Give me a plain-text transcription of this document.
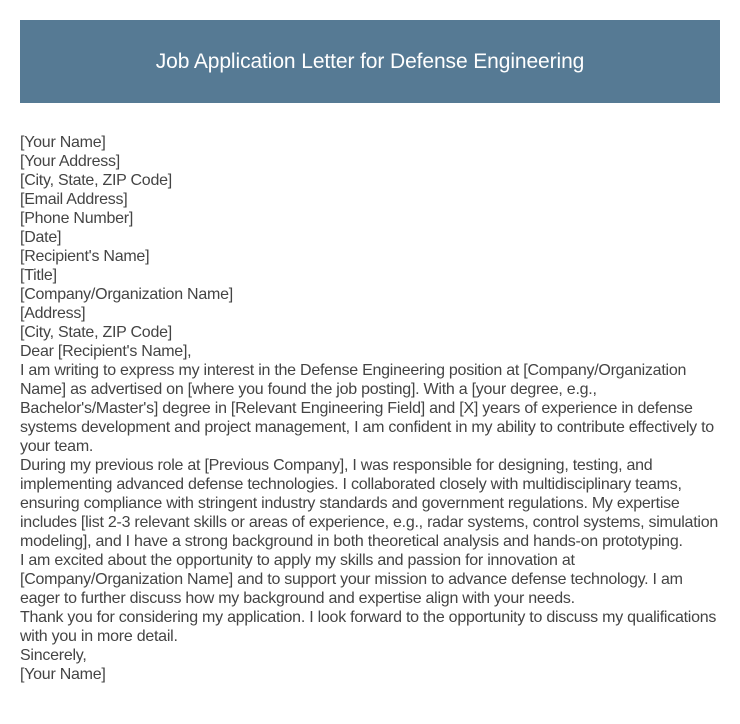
Job Application Letter for Defense Engineering
[Your Name]
[Your Address]
[City, State, ZIP Code]
[Email Address]
[Phone Number]
[Date]
[Recipient's Name]
[Title]
[Company/Organization Name]
[Address]
[City, State, ZIP Code]
Dear [Recipient's Name],

I am writing to express my interest in the Defense Engineering position at [Company/Organization Name] as advertised on [where you found the job posting]. With a [your degree, e.g., Bachelor's/Master's] degree in [Relevant Engineering Field] and [X] years of experience in defense systems development and project management, I am confident in my ability to contribute effectively to your team.

During my previous role at [Previous Company], I was responsible for designing, testing, and implementing advanced defense technologies. I collaborated closely with multidisciplinary teams, ensuring compliance with stringent industry standards and government regulations. My expertise includes [list 2-3 relevant skills or areas of experience, e.g., radar systems, control systems, simulation modeling], and I have a strong background in both theoretical analysis and hands-on prototyping.

I am excited about the opportunity to apply my skills and passion for innovation at [Company/Organization Name] and to support your mission to advance defense technology. I am eager to further discuss how my background and expertise align with your needs.

Thank you for considering my application. I look forward to the opportunity to discuss my qualifications with you in more detail.

Sincerely,
[Your Name]
